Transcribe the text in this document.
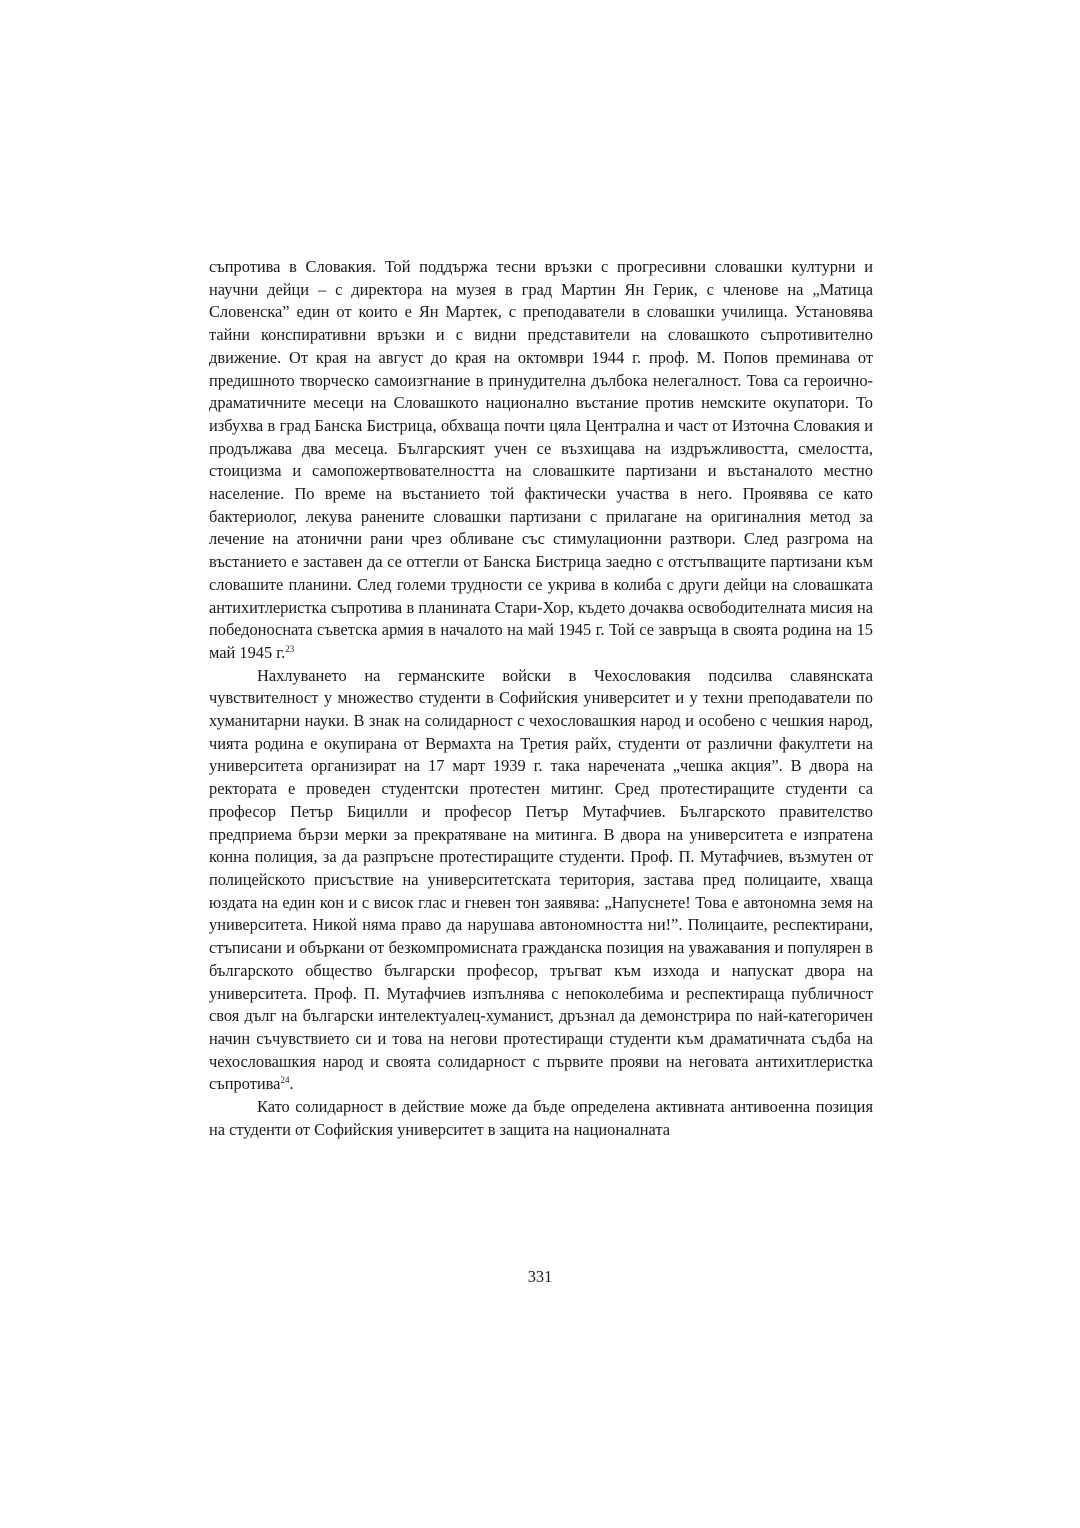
съпротива в Словакия. Той поддържа тесни връзки с прогресивни словашки културни и научни дейци – с директора на музея в град Мартин Ян Герик, с членове на „Матица Словенска” един от които е Ян Мартек, с преподаватели в словашки училища. Установява тайни конспиративни връзки и с видни представители на словашкото съпротивително движение. От края на август до края на октомври 1944 г. проф. М. Попов преминава от предишното творческо самоизгнание в принудителна дълбока нелегалност. Това са героично-драматичните месеци на Словашкото национално въстание против немските окупатори. То избухва в град Банска Бистрица, обхваща почти цяла Централна и част от Източна Словакия и продължава два месеца. Българският учен се възхищава на издръжливостта, смелостта, стоицизма и самопожертвователността на словашките партизани и въстаналото местно население. По време на въстанието той фактически участва в него. Проявява се като бактериолог, лекува ранените словашки партизани с прилагане на оригиналния метод за лечение на атонични рани чрез обливане със стимулационни разтвори. След разгрома на въстанието е заставен да се оттегли от Банска Бистрица заедно с отстъпващите партизани към словашите планини. След големи трудности се укрива в колиба с други дейци на словашката антихитлеристка съпротива в планината Стари-Хор, където дочаква освободителната мисия на победоносната съветска армия в началото на май 1945 г. Той се завръща в своята родина на 15 май 1945 г.$^{23}$

Нахлуването на германските войски в Чехословакия подсилва славянската чувствителност у множество студенти в Софийския университет и у техни преподаватели по хуманитарни науки. В знак на солидарност с чехословашкия народ и особено с чешкия народ, чията родина е окупирана от Вермахта на Третия райх, студенти от различни факултети на университета организират на 17 март 1939 г. така наречената „чешка акция”. В двора на ректората е проведен студентски протестен митинг. Сред протестиращите студенти са професор Петър Бицилли и професор Петър Мутафчиев. Българското правителство предприема бързи мерки за прекратяване на митинга. В двора на университета е изпратена конна полиция, за да разпръсне протестиращите студенти. Проф. П. Мутафчиев, възмутен от полицейското присъствие на университетската територия, застава пред полицаите, хваща юздата на един кон и с висок глас и гневен тон заявява: „Напуснете! Това е автономна земя на университета. Никой няма право да нарушава автономността ни!”. Полицаите, респектирани, стъписани и объркани от безкомпромисната гражданска позиция на уважавания и популярен в българското общество български професор, тръгват към изхода и напускат двора на университета. Проф. П. Мутафчиев изпълнява с непоколебима и респектираща публичност своя дълг на български интелектуалец-хуманист, дръзнал да демонстрира по най-категоричен начин съчувствието си и това на негови протестиращи студенти към драматичната съдба на чехословашкия народ и своята солидарност с първите прояви на неговата антихитлеристка съпротива$^{24}$.

Като солидарност в действие може да бъде определена активната антивоенна позиция на студенти от Софийския университет в защита на националната

331
